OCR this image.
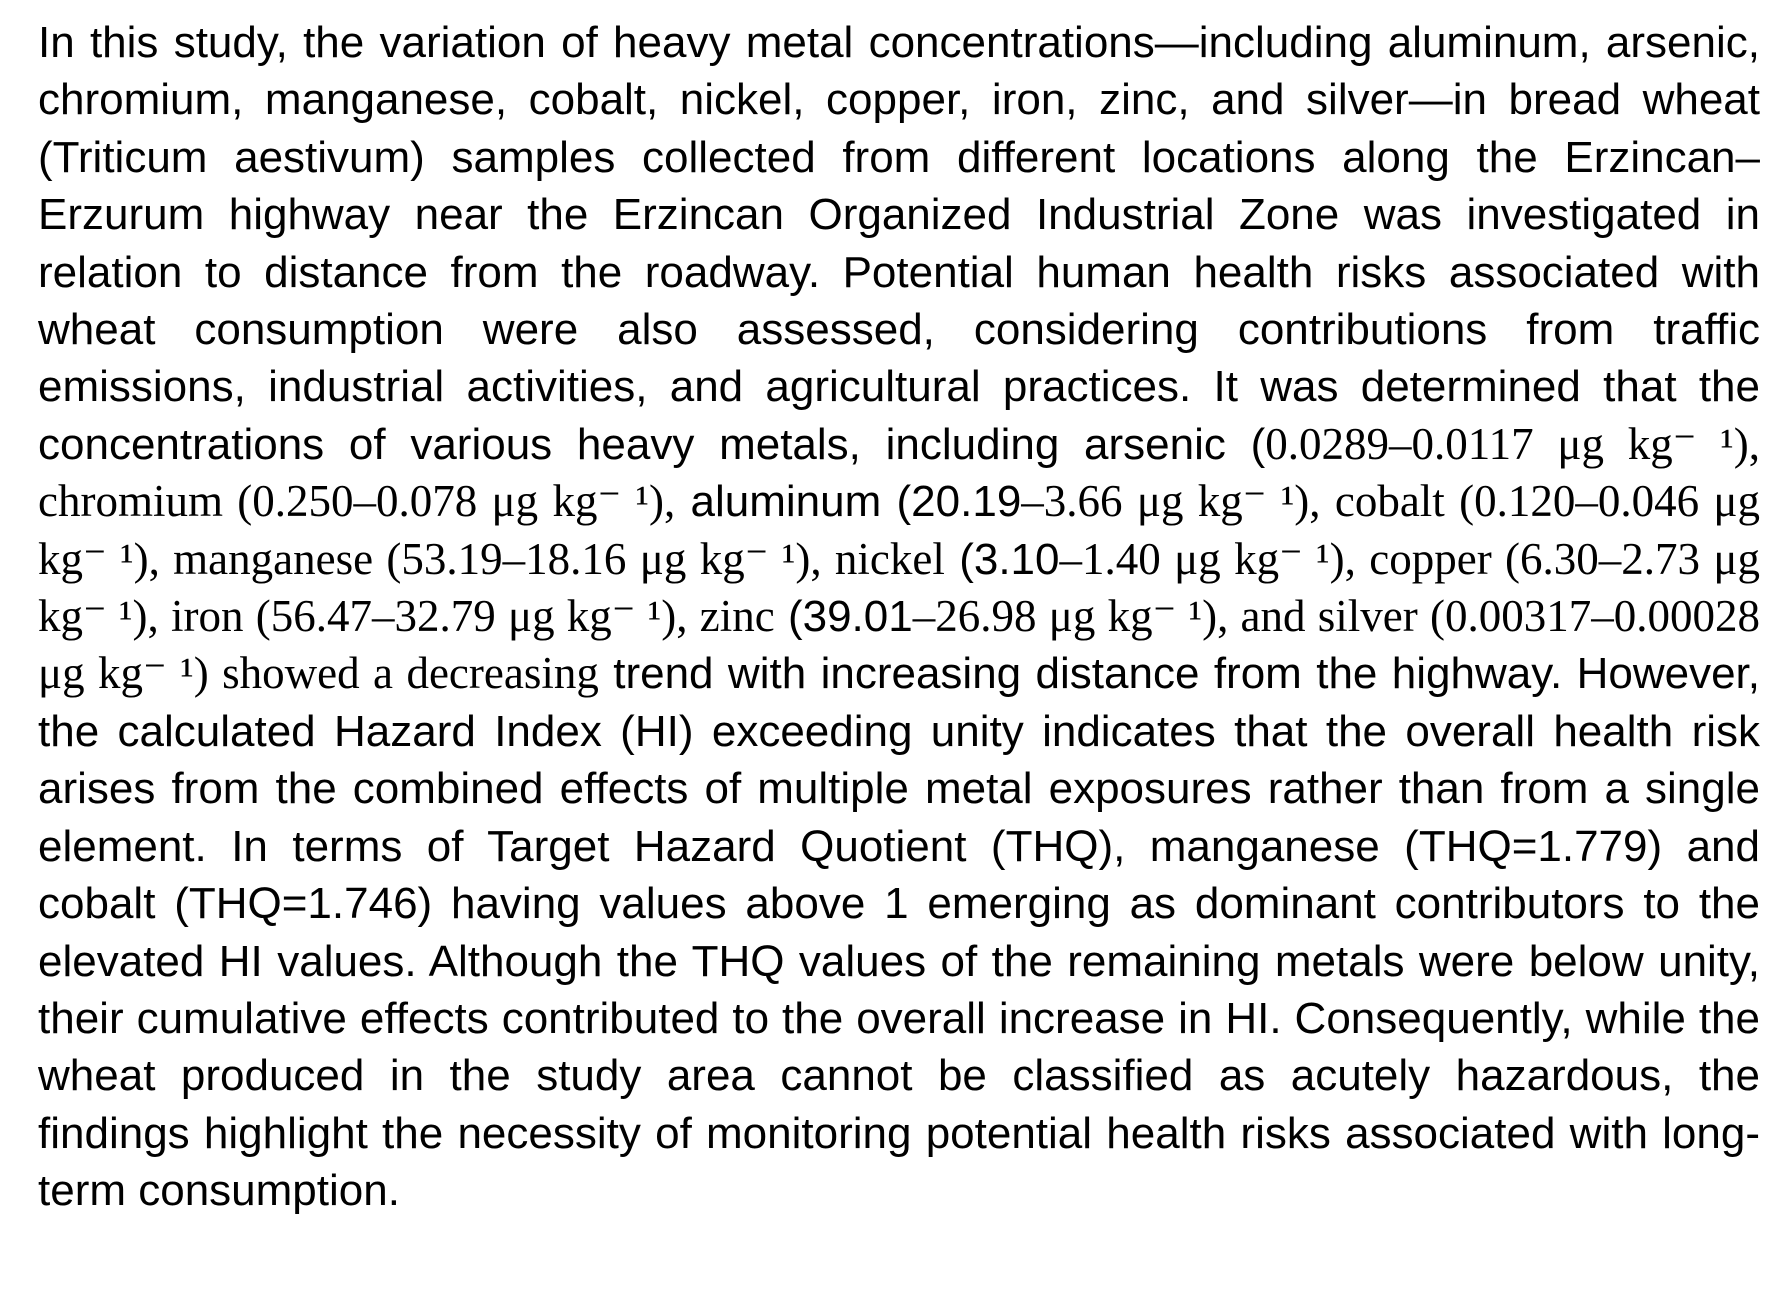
In this study, the variation of heavy metal concentrations—including aluminum, arsenic, chromium, manganese, cobalt, nickel, copper, iron, zinc, and silver—in bread wheat (Triticum aestivum) samples collected from different locations along the Erzincan–Erzurum highway near the Erzincan Organized Industrial Zone was investigated in relation to distance from the roadway. Potential human health risks associated with wheat consumption were also assessed, considering contributions from traffic emissions, industrial activities, and agricultural practices. It was determined that the concentrations of various heavy metals, including arsenic (0.0289–0.0117 μg kg⁻ ¹), chromium (0.250–0.078 μg kg⁻ ¹), aluminum (20.19–3.66 μg kg⁻ ¹), cobalt (0.120–0.046 μg kg⁻ ¹), manganese (53.19–18.16 μg kg⁻ ¹), nickel (3.10–1.40 μg kg⁻ ¹), copper (6.30–2.73 μg kg⁻ ¹), iron (56.47–32.79 μg kg⁻ ¹), zinc (39.01–26.98 μg kg⁻ ¹), and silver (0.00317–0.00028 μg kg⁻ ¹) showed a decreasing trend with increasing distance from the highway. However, the calculated Hazard Index (HI) exceeding unity indicates that the overall health risk arises from the combined effects of multiple metal exposures rather than from a single element. In terms of Target Hazard Quotient (THQ), manganese (THQ=1.779) and cobalt (THQ=1.746) having values above 1 emerging as dominant contributors to the elevated HI values. Although the THQ values of the remaining metals were below unity, their cumulative effects contributed to the overall increase in HI. Consequently, while the wheat produced in the study area cannot be classified as acutely hazardous, the findings highlight the necessity of monitoring potential health risks associated with long-term consumption.
